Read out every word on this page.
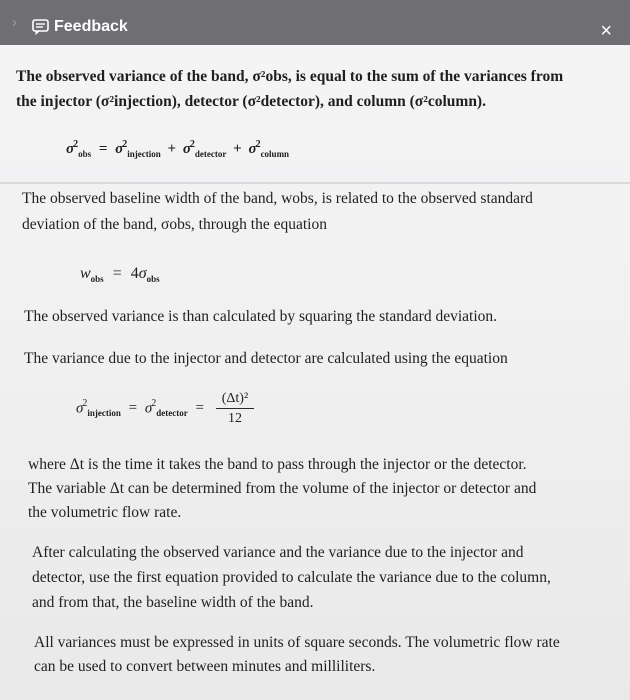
› Feedback	×
The observed variance of the band, σ²obs, is equal to the sum of the variances from
the injector (σ²injection), detector (σ²detector), and column (σ²column).
$\sigma^2_{obs} = \sigma^2_{injection} + \sigma^2_{detector} + \sigma^2_{column}$
The observed baseline width of the band, wobs, is related to the observed standard
deviation of the band, σobs, through the equation
$w_{obs} = 4\sigma_{obs}$
The observed variance is than calculated by squaring the standard deviation.
The variance due to the injector and detector are calculated using the equation
$\sigma^2_{injection} = \sigma^2_{detector} = \frac{\text{(Δt)²}}{12}$
where Δt is the time it takes the band to pass through the injector or the detector.
The variable Δt can be determined from the volume of the injector or detector and
the volumetric flow rate.
After calculating the observed variance and the variance due to the injector and
detector, use the first equation provided to calculate the variance due to the column,
and from that, the baseline width of the band.
All variances must be expressed in units of square seconds. The volumetric flow rate
can be used to convert between minutes and milliliters.
